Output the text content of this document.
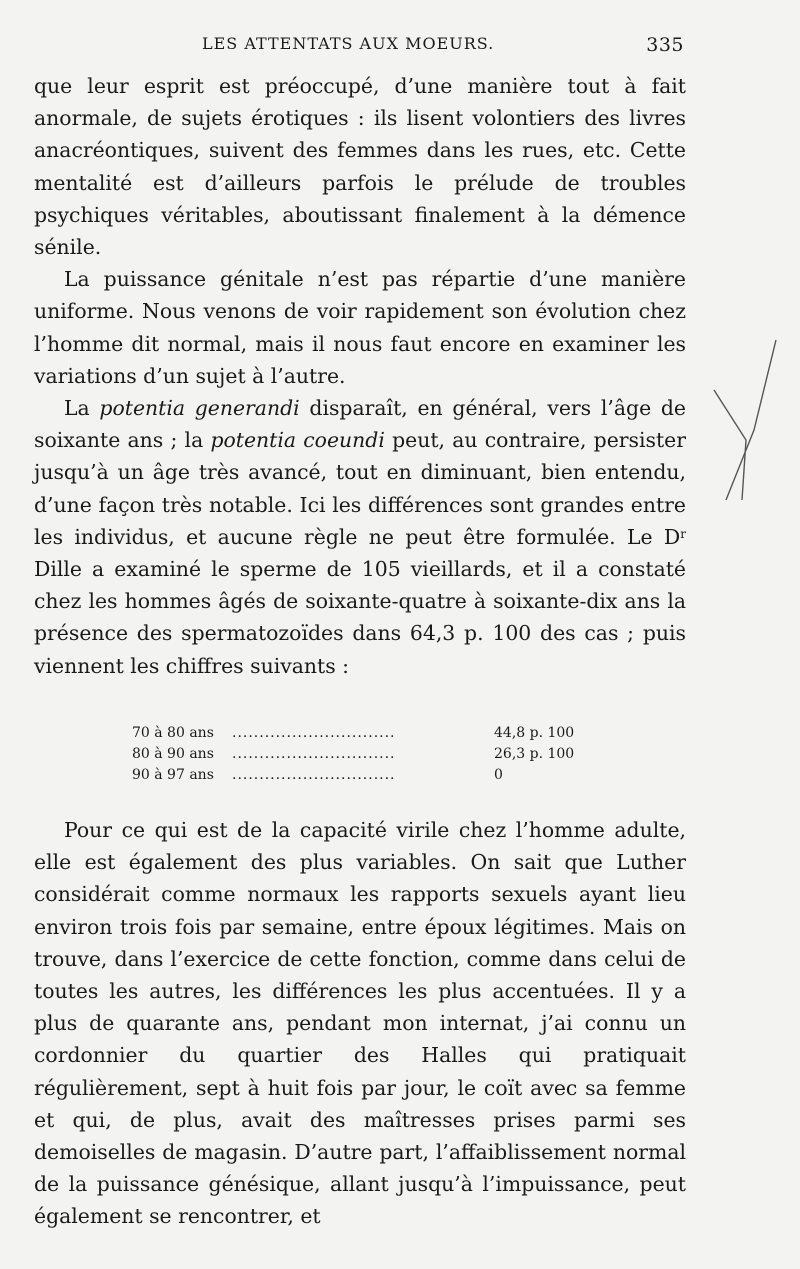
LES ATTENTATS AUX MOEURS.	335

que leur esprit est préoccupé, d’une manière tout à fait anormale, de sujets érotiques : ils lisent volontiers des livres anacréontiques, suivent des femmes dans les rues, etc. Cette mentalité est d’ailleurs parfois le prélude de troubles psychiques véritables, aboutissant finalement à la démence sénile.

La puissance génitale n’est pas répartie d’une manière uniforme. Nous venons de voir rapidement son évolution chez l’homme dit normal, mais il nous faut encore en examiner les variations d’un sujet à l’autre.

La potentia generandi disparaît, en général, vers l’âge de soixante ans ; la potentia coeundi peut, au contraire, persister jusqu’à un âge très avancé, tout en diminuant, bien entendu, d’une façon très notable. Ici les différences sont grandes entre les individus, et aucune règle ne peut être formulée. Le $D^r$ Dille a examiné le sperme de 105 vieillards, et il a constaté chez les hommes âgés de soixante-quatre à soixante-dix ans la présence des spermatozoïdes dans 64,3 p. 100 des cas ; puis viennent les chiffres suivants :

70 à 80 ans ..............................	44,8 p. 100
80 à 90 ans ..............................	26,3 p. 100
90 à 97 ans ..............................	0

Pour ce qui est de la capacité virile chez l’homme adulte, elle est également des plus variables. On sait que Luther considérait comme normaux les rapports sexuels ayant lieu environ trois fois par semaine, entre époux légitimes. Mais on trouve, dans l’exercice de cette fonction, comme dans celui de toutes les autres, les différences les plus accentuées. Il y a plus de quarante ans, pendant mon internat, j’ai connu un cordonnier du quartier des Halles qui pratiquait régulièrement, sept à huit fois par jour, le coït avec sa femme et qui, de plus, avait des maîtresses prises parmi ses demoiselles de magasin. D’autre part, l’affaiblissement normal de la puissance génésique, allant jusqu’à l’impuissance, peut également se rencontrer, et
